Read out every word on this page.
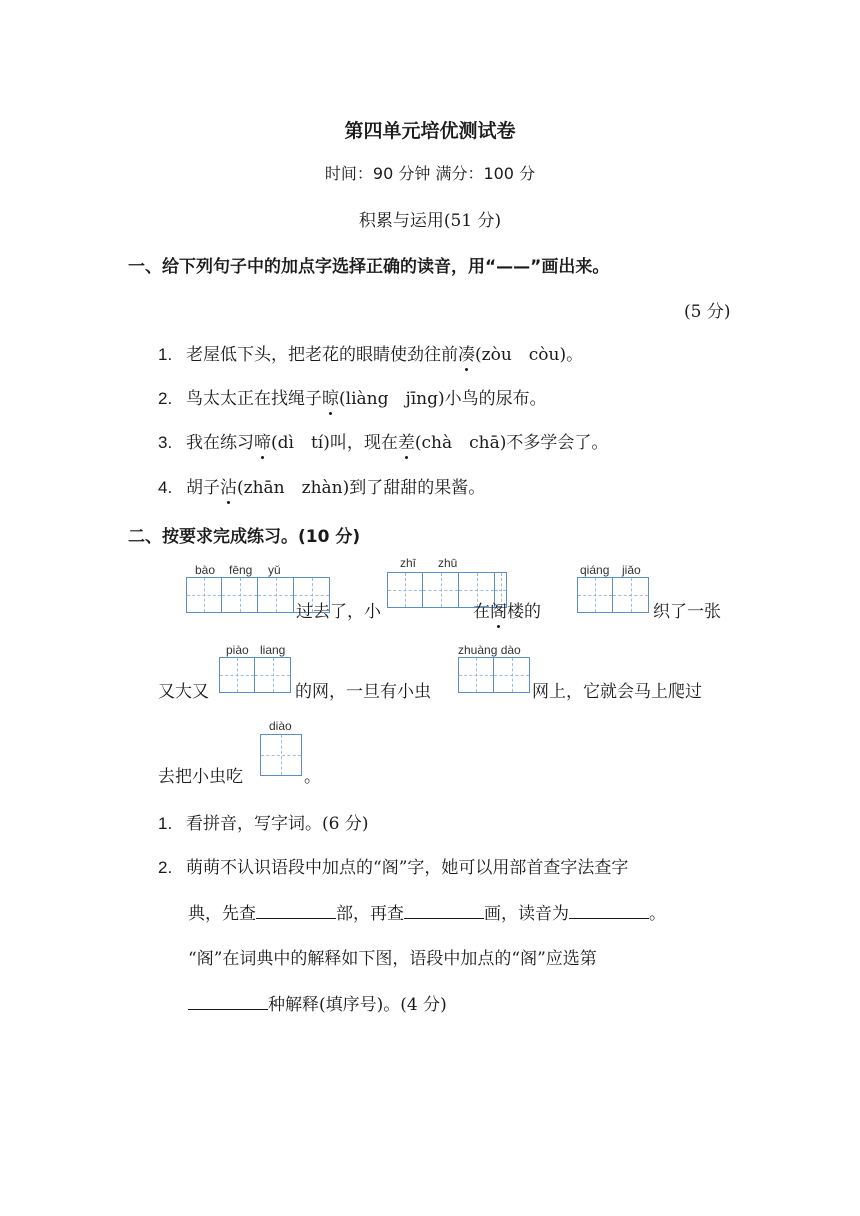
第四单元培优测试卷
时间：90 分钟 满分：100 分
积累与运用(51 分)
一、给下列句子中的加点字选择正确的读音，用“——”画出来。
(5 分)
1. 老屋低下头，把老花的眼睛使劲往前凑(zòu　còu)。
2. 鸟太太正在找绳子晾(liàng　jīng)小鸟的尿布。
3. 我在练习啼(dì　tí)叫，现在差(chà　chā)不多学会了。
4. 胡子沾(zhān　zhàn)到了甜甜的果酱。
二、按要求完成练习。(10 分)
bào fēng yǔ	zhī zhū	qiáng jiǎo
piào liang	zhuàng dào
diào
过去了，小	在阁楼的	织了一张
又大又	的网，一旦有小虫	网上，它就会马上爬过
去把小虫吃	。
1. 看拼音，写字词。(6 分)
2. 萌萌不认识语段中加点的“阁”字，她可以用部首查字法查字
典，先查	部，再查	画，读音为	。
“阁”在词典中的解释如下图，语段中加点的“阁”应选第
种解释(填序号)。(4 分)
